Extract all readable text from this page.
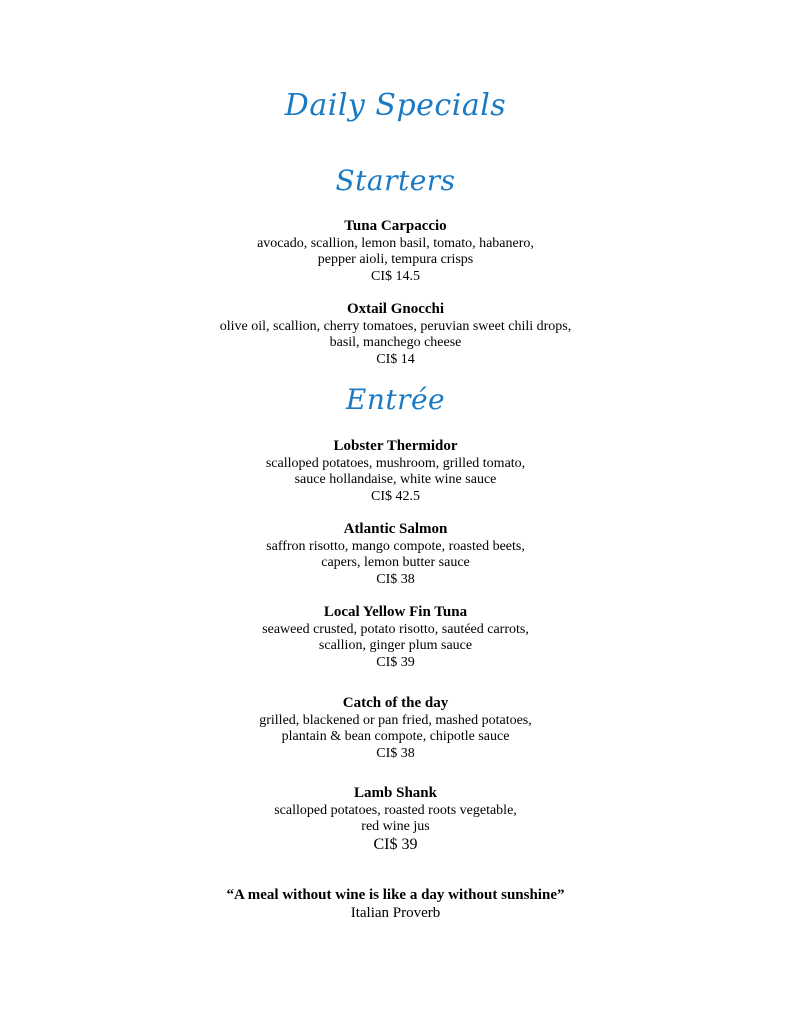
Daily Specials
Starters
Tuna Carpaccio
avocado, scallion, lemon basil, tomato, habanero,
pepper aioli, tempura crisps
CI$ 14.5
Oxtail Gnocchi
olive oil, scallion, cherry tomatoes, peruvian sweet chili drops,
basil, manchego cheese
CI$ 14
Entrée
Lobster Thermidor
scalloped potatoes, mushroom, grilled tomato,
sauce hollandaise, white wine sauce
CI$ 42.5
Atlantic Salmon
saffron risotto, mango compote, roasted beets,
capers, lemon butter sauce
CI$ 38
Local Yellow Fin Tuna
seaweed crusted, potato risotto, sautéed carrots,
scallion, ginger plum sauce
CI$ 39
Catch of the day
grilled, blackened or pan fried, mashed potatoes,
plantain & bean compote, chipotle sauce
CI$ 38
Lamb Shank
scalloped potatoes, roasted roots vegetable,
red wine jus
CI$ 39
“A meal without wine is like a day without sunshine”
Italian Proverb
